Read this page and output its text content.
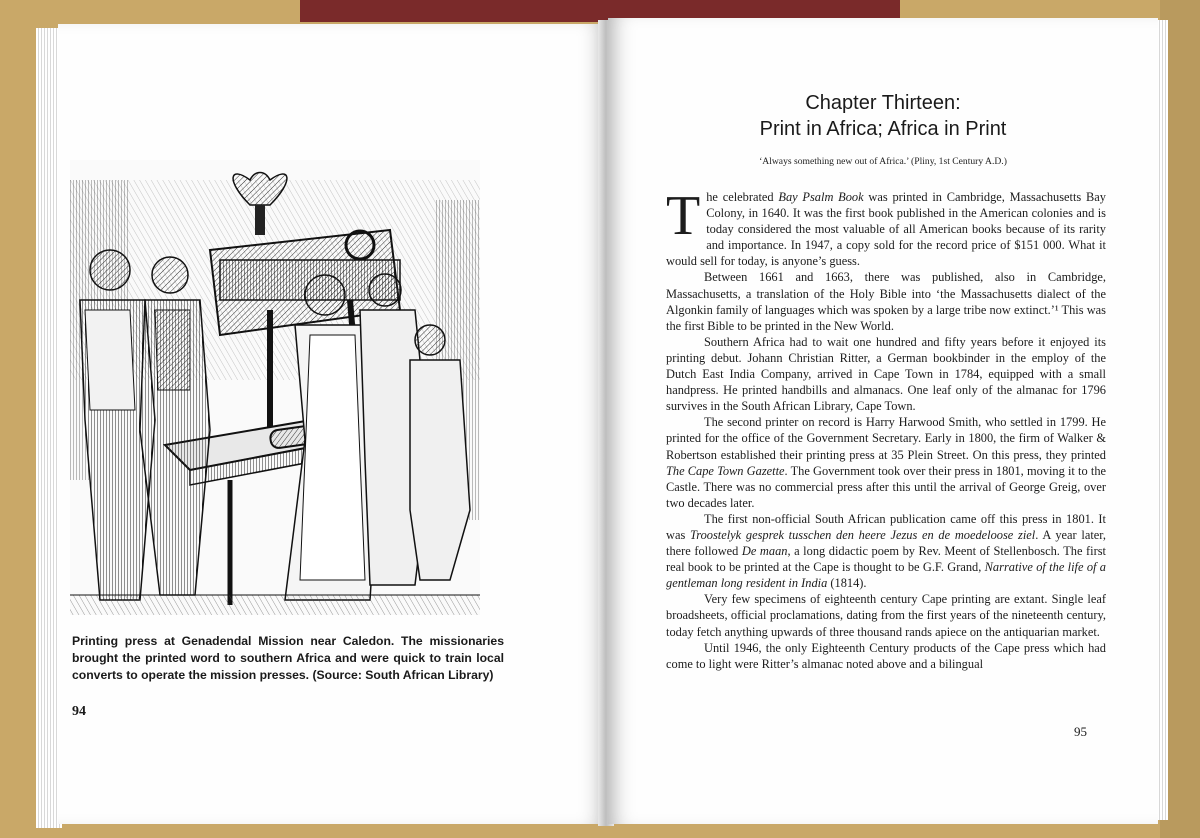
Printing press at Genadendal Mission near Caledon. The missionaries brought the printed word to southern Africa and were quick to train local converts to operate the mission presses. (Source: South African Library)
94
Chapter Thirteen:
Print in Africa; Africa in Print
‘Always something new out of Africa.’ (Pliny, 1st Century A.D.)

The celebrated Bay Psalm Book was printed in Cambridge, Massachusetts Bay Colony, in 1640. It was the first book published in the American colonies and is today considered the most valuable of all American books because of its rarity and importance. In 1947, a copy sold for the record price of $151 000. What it would sell for today, is anyone’s guess.

Between 1661 and 1663, there was published, also in Cambridge, Massachusetts, a translation of the Holy Bible into ‘the Massachusetts dialect of the Algonkin family of languages which was spoken by a large tribe now extinct.’¹ This was the first Bible to be printed in the New World.

Southern Africa had to wait one hundred and fifty years before it enjoyed its printing debut. Johann Christian Ritter, a German bookbinder in the employ of the Dutch East India Company, arrived in Cape Town in 1784, equipped with a small handpress. He printed handbills and almanacs. One leaf only of the almanac for 1796 survives in the South African Library, Cape Town.

The second printer on record is Harry Harwood Smith, who settled in 1799. He printed for the office of the Government Secretary. Early in 1800, the firm of Walker & Robertson established their printing press at 35 Plein Street. On this press, they printed The Cape Town Gazette. The Government took over their press in 1801, moving it to the Castle. There was no commercial press after this until the arrival of George Greig, over two decades later.

The first non-official South African publication came off this press in 1801. It was Troostelyk gesprek tusschen den heere Jezus en de moedeloose ziel. A year later, there followed De maan, a long didactic poem by Rev. Meent of Stellenbosch. The first real book to be printed at the Cape is thought to be G.F. Grand, Narrative of the life of a gentleman long resident in India (1814).

Very few specimens of eighteenth century Cape printing are extant. Single leaf broadsheets, official proclamations, dating from the first years of the nineteenth century, today fetch anything upwards of three thousand rands apiece on the antiquarian market.

Until 1946, the only Eighteenth Century products of the Cape press which had come to light were Ritter’s almanac noted above and a bilingual

95
